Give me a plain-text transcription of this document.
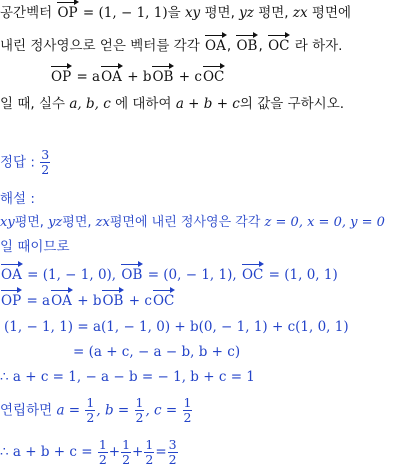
공간벡터 OP = (1, − 1, 1)을 xy 평면, yz 평면, zx 평면에
내린 정사영으로 얻은 벡터를 각각 OA, OB, OC 라 하자.
OP = aOA + bOB + cOC
일 때, 실수 a, b, c 에 대하여 a + b + c의 값을 구하시오.
정답 : $\frac{3}{2}$
해설 :
xy평면, yz평면, zx평면에 내린 정사영은 각각 z = 0, x = 0, y = 0
일 때이므로
OA = (1, − 1, 0), OB = (0, − 1, 1), OC = (1, 0, 1)
OP = aOA + bOB + cOC
(1, − 1, 1) = a(1, − 1, 0) + b(0, − 1, 1) + c(1, 0, 1)
= (a + c, − a − b, b + c)
∴ a + c = 1, − a − b = − 1, b + c = 1
연립하면 $a = \frac{1}{2}$ , $b = \frac{1}{2}$ , $c = \frac{1}{2}$
∴ $a + b + c = \frac{1}{2} + \frac{1}{2} + \frac{1}{2} = \frac{3}{2}$
